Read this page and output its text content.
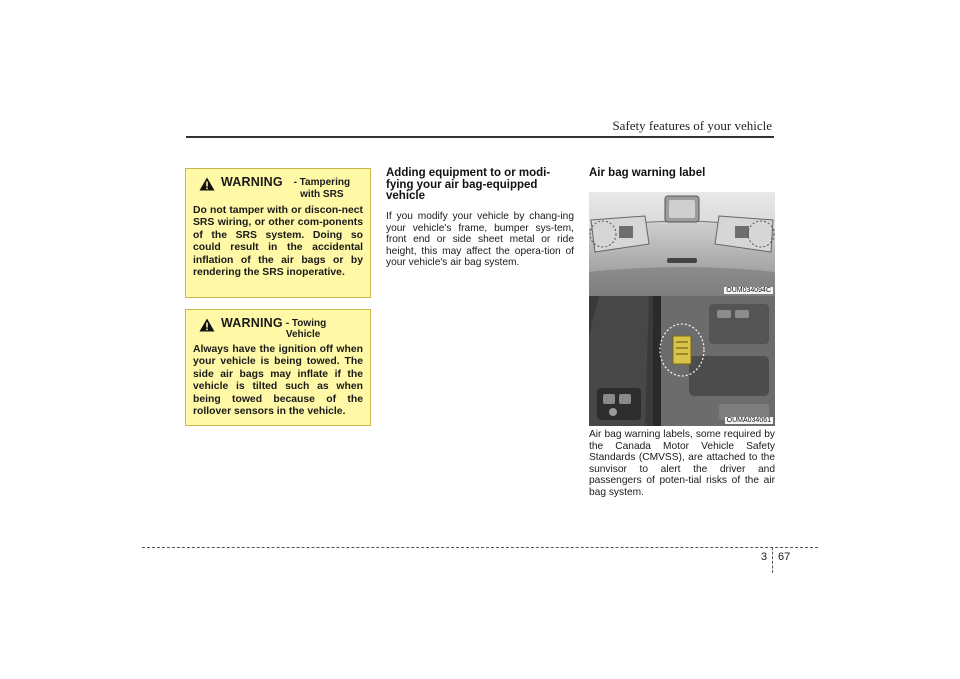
Safety features of your vehicle
WARNING	- Tampering with SRS
Do not tamper with or discon-nect SRS wiring, or other com-ponents of the SRS system. Doing so could result in the accidental inflation of the air bags or by rendering the SRS inoperative.
WARNING - Towing Vehicle
Always have the ignition off when your vehicle is being towed. The side air bags may inflate if the vehicle is tilted such as when being towed because of the rollover sensors in the vehicle.
Adding equipment to or modi-fying your air bag-equipped vehicle
If you modify your vehicle by chang-ing your vehicle's frame, bumper sys-tem, front end or side sheet metal or ride height, this may affect the opera-tion of your vehicle's air bag system.
Air bag warning label
OUM034094C
OUMA034061
Air bag warning labels, some required by the Canada Motor Vehicle Safety Standards (CMVSS), are attached to the sunvisor to alert the driver and passengers of poten-tial risks of the air bag system.
3 67
